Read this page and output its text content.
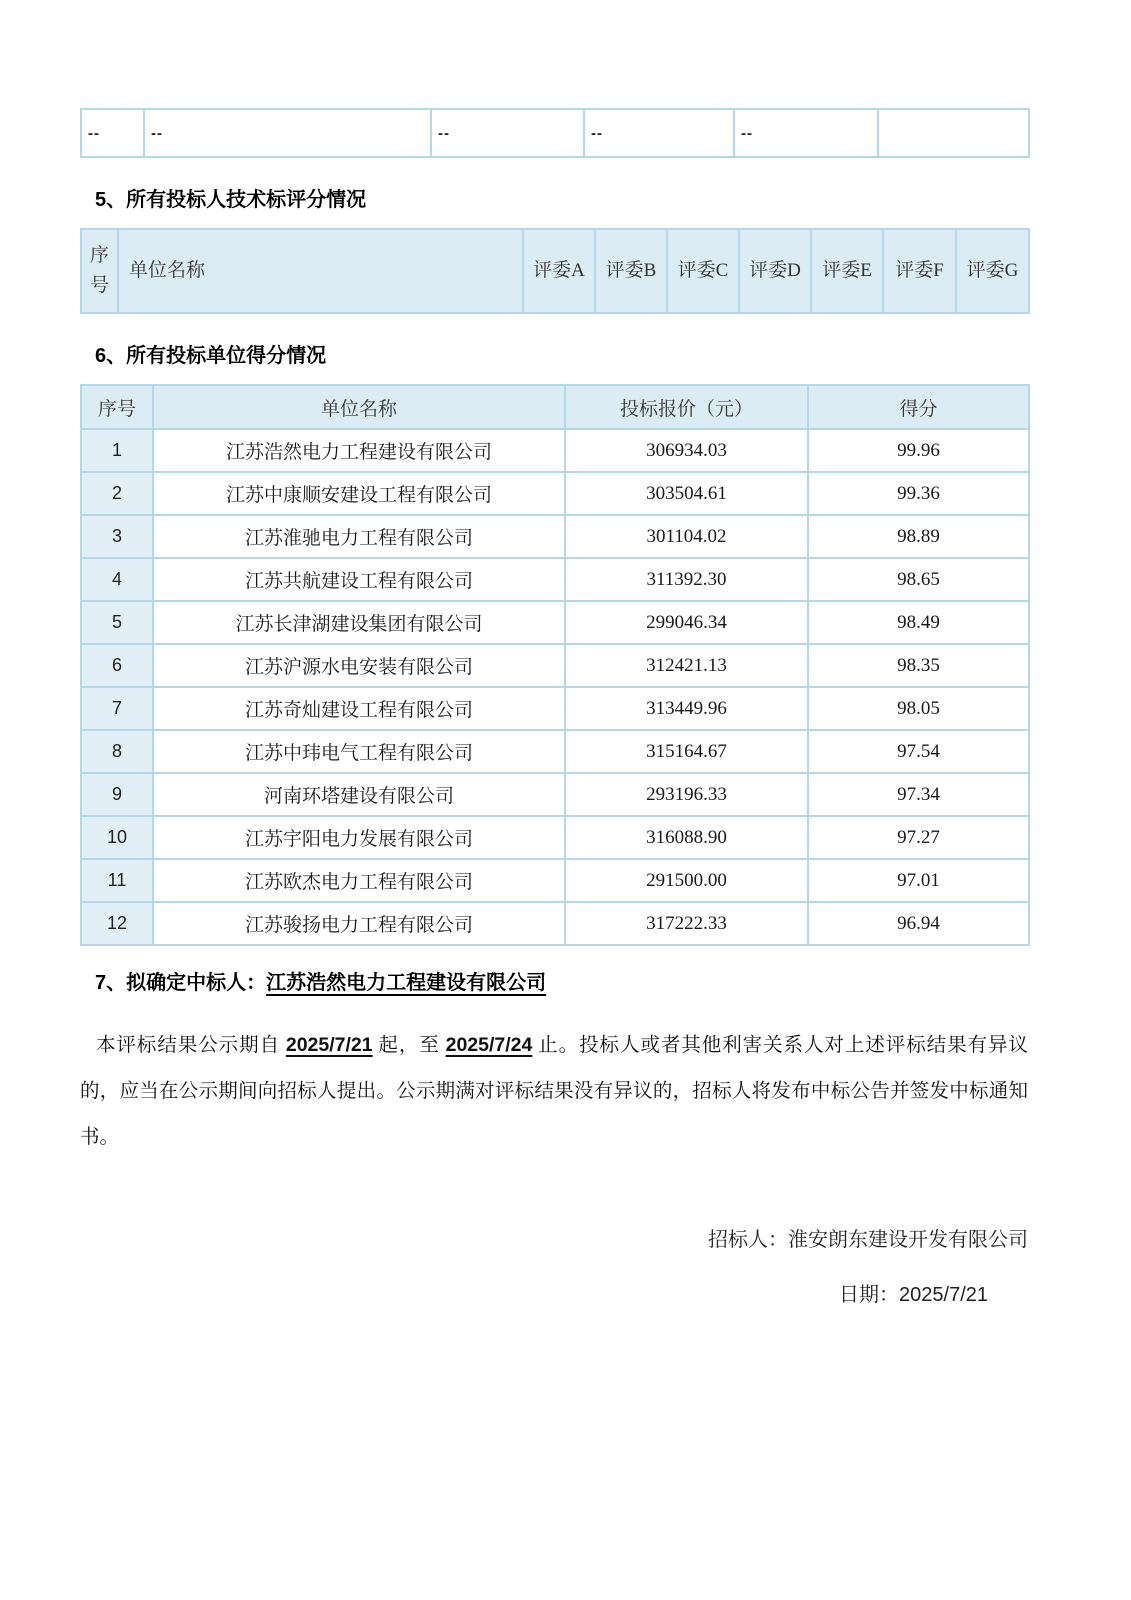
--	--	--	--	--	
5、所有投标人技术标评分情况
序号	单位名称	评委A	评委B	评委C	评委D	评委E	评委F	评委G
6、所有投标单位得分情况
序号	单位名称	投标报价（元）	得分
1	江苏浩然电力工程建设有限公司	306934.03	99.96
2	江苏中康顺安建设工程有限公司	303504.61	99.36
3	江苏淮驰电力工程有限公司	301104.02	98.89
4	江苏共航建设工程有限公司	311392.30	98.65
5	江苏长津湖建设集团有限公司	299046.34	98.49
6	江苏沪源水电安装有限公司	312421.13	98.35
7	江苏奇灿建设工程有限公司	313449.96	98.05
8	江苏中玮电气工程有限公司	315164.67	97.54
9	河南环塔建设有限公司	293196.33	97.34
10	江苏宇阳电力发展有限公司	316088.90	97.27
11	江苏欧杰电力工程有限公司	291500.00	97.01
12	江苏骏扬电力工程有限公司	317222.33	96.94
7、拟确定中标人：江苏浩然电力工程建设有限公司

本评标结果公示期自 2025/7/21 起，至 2025/7/24 止。投标人或者其他利害关系人对上述评标结果有异议的，应当在公示期间向招标人提出。公示期满对评标结果没有异议的，招标人将发布中标公告并签发中标通知书。

招标人：淮安朗东建设开发有限公司
日期：2025/7/21
